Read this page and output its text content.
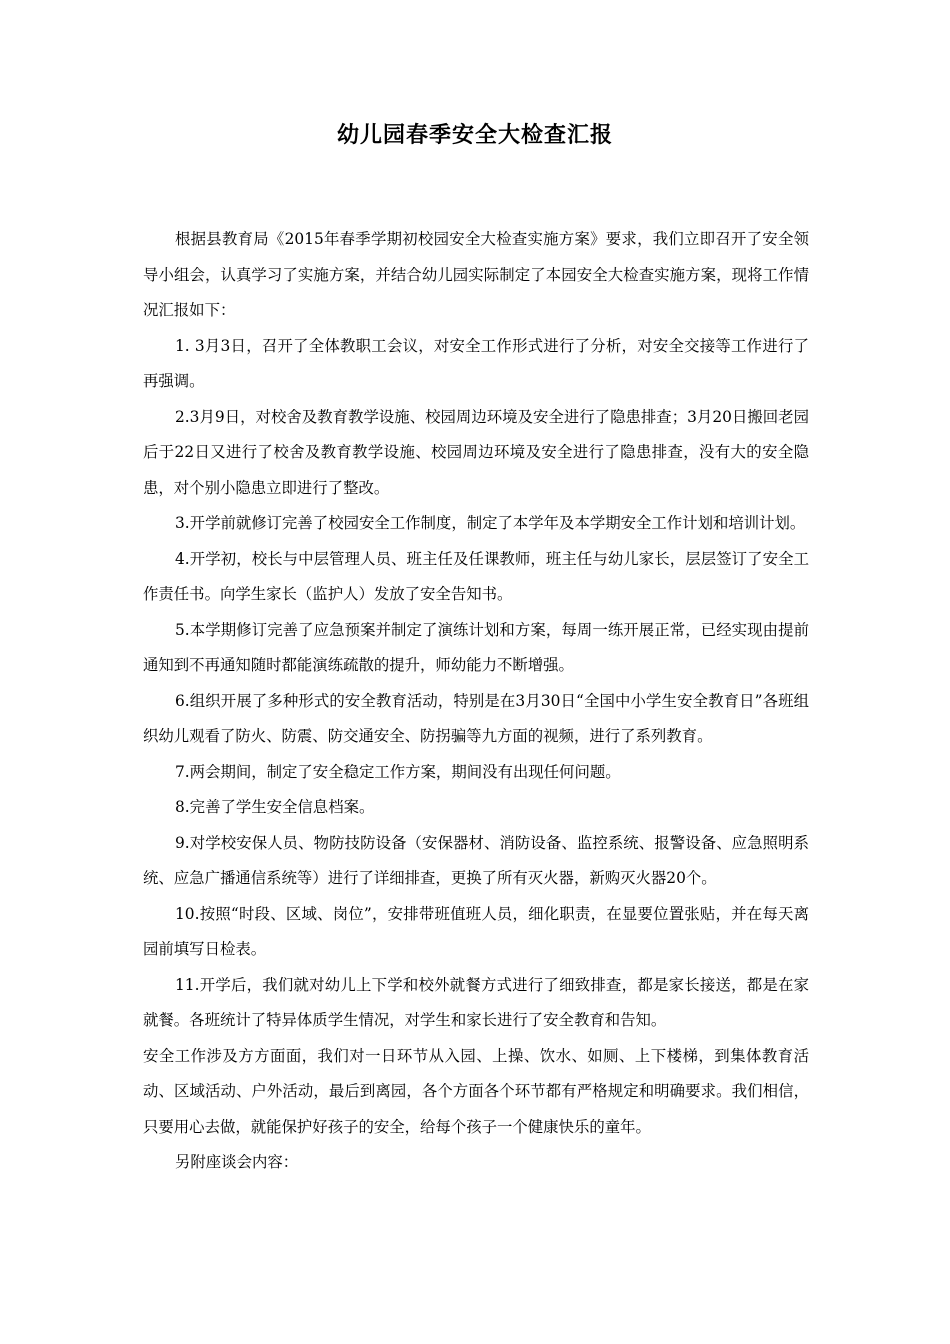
幼儿园春季安全大检查汇报

根据县教育局《2015年春季学期初校园安全大检查实施方案》要求，我们立即召开了安全领导小组会，认真学习了实施方案，并结合幼儿园实际制定了本园安全大检查实施方案，现将工作情况汇报如下：

1. 3月3日，召开了全体教职工会议，对安全工作形式进行了分析，对安全交接等工作进行了再强调。

2.3月9日，对校舍及教育教学设施、校园周边环境及安全进行了隐患排查；3月20日搬回老园后于22日又进行了校舍及教育教学设施、校园周边环境及安全进行了隐患排查，没有大的安全隐患，对个别小隐患立即进行了整改。

3.开学前就修订完善了校园安全工作制度，制定了本学年及本学期安全工作计划和培训计划。

4.开学初，校长与中层管理人员、班主任及任课教师，班主任与幼儿家长，层层签订了安全工作责任书。向学生家长（监护人）发放了安全告知书。

5.本学期修订完善了应急预案并制定了演练计划和方案，每周一练开展正常，已经实现由提前通知到不再通知随时都能演练疏散的提升，师幼能力不断增强。

6.组织开展了多种形式的安全教育活动，特别是在3月30日“全国中小学生安全教育日”各班组织幼儿观看了防火、防震、防交通安全、防拐骗等九方面的视频，进行了系列教育。

7.两会期间，制定了安全稳定工作方案，期间没有出现任何问题。

8.完善了学生安全信息档案。

9.对学校安保人员、物防技防设备（安保器材、消防设备、监控系统、报警设备、应急照明系统、应急广播通信系统等）进行了详细排查，更换了所有灭火器，新购灭火器20个。

10.按照“时段、区域、岗位”，安排带班值班人员，细化职责，在显要位置张贴，并在每天离园前填写日检表。

11.开学后，我们就对幼儿上下学和校外就餐方式进行了细致排查，都是家长接送，都是在家就餐。各班统计了特异体质学生情况，对学生和家长进行了安全教育和告知。

安全工作涉及方方面面，我们对一日环节从入园、上操、饮水、如厕、上下楼梯，到集体教育活动、区域活动、户外活动，最后到离园，各个方面各个环节都有严格规定和明确要求。我们相信，只要用心去做，就能保护好孩子的安全，给每个孩子一个健康快乐的童年。

另附座谈会内容：
